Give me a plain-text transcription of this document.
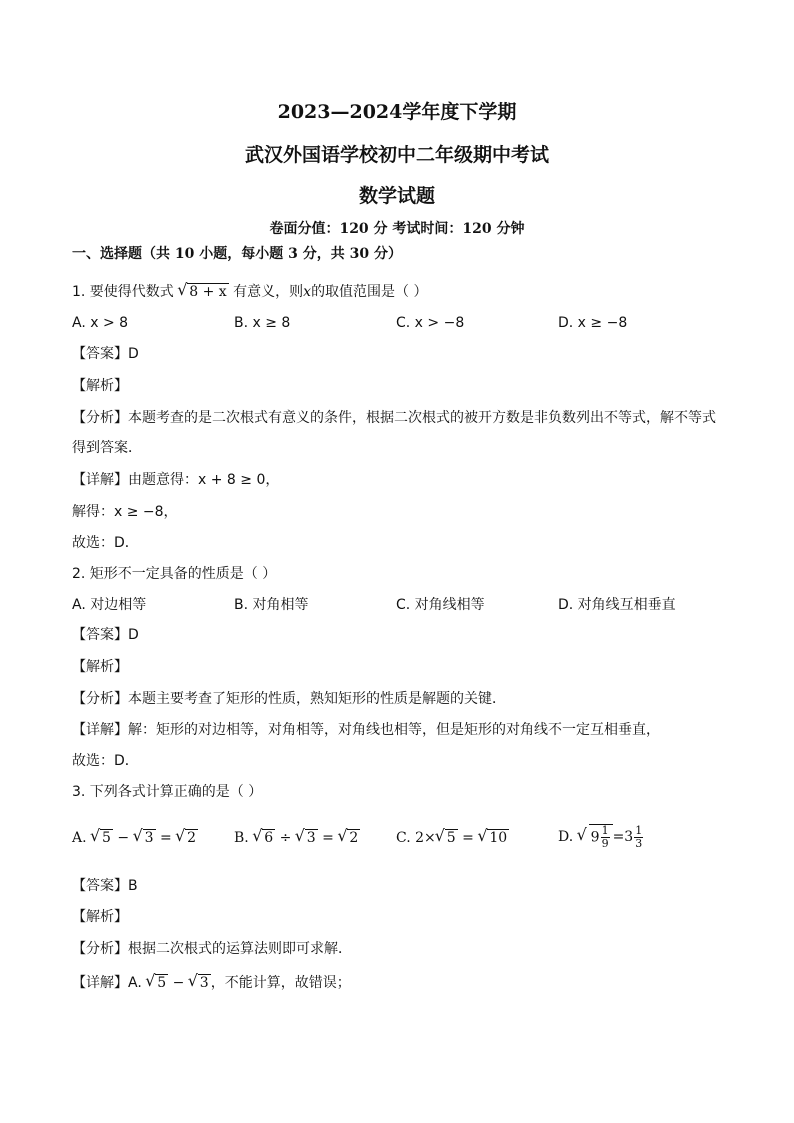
2023—2024学年度下学期
武汉外国语学校初中二年级期中考试
数学试题
卷面分值：120 分 考试时间：120 分钟
一、选择题（共 10 小题，每小题 3 分，共 30 分）
1. 要使得代数式 √ 8 + x 有意义，则x的取值范围是（ ）
A. x > 8	B. x ≥ 8	C. x > −8	D. x ≥ −8
【答案】D
【解析】
【分析】本题考查的是二次根式有意义的条件，根据二次根式的被开方数是非负数列出不等式，解不等式
得到答案．
【详解】由题意得：x + 8 ≥ 0，
解得：x ≥ −8，
故选：D．
2. 矩形不一定具备的性质是（ ）
A. 对边相等	B. 对角相等	C. 对角线相等	D. 对角线互相垂直
【答案】D
【解析】
【分析】本题主要考查了矩形的性质，熟知矩形的性质是解题的关键．
【详解】解：矩形的对边相等，对角相等，对角线也相等，但是矩形的对角线不一定互相垂直，
故选：D．
3. 下列各式计算正确的是（ ）
A. √ 5 − √ 3 = √ 2	B. √ 6 ÷ √ 3 = √ 2	C. 2× √ 5 = √ 10	D. √ $9 \frac{1}{9} =3 \frac{1}{3}$
【答案】B
【解析】
【分析】根据二次根式的运算法则即可求解．
【详解】A. √ 5 − √ 3 ，不能计算，故错误；
